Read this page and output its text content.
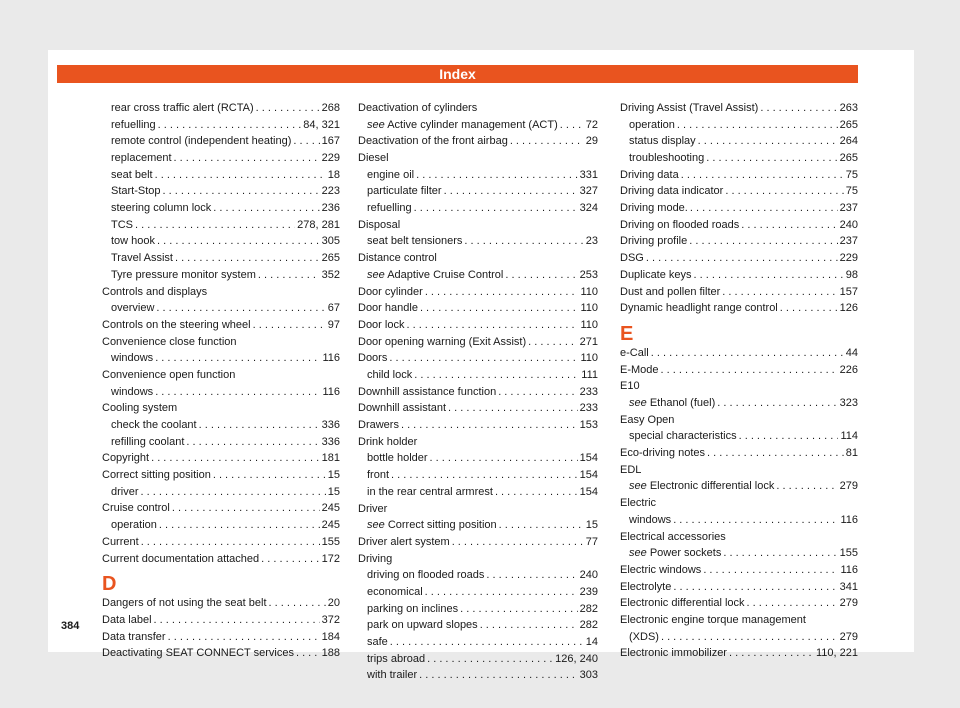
Index
rear cross traffic alert (RCTA) . . .	268
refuelling . . .	84, 321
remote control (independent heating) . . .	167
replacement . . .	229
seat belt . . .	18
Start-Stop . . .	223
steering column lock . . .	236
TCS . . .	278, 281
tow hook . . .	305
Travel Assist . . .	265
Tyre pressure monitor system . . .	352
Controls and displays
overview . . .	67
Controls on the steering wheel . . .	97
Convenience close function
windows . . .	116
Convenience open function
windows . . .	116
Cooling system
check the coolant . . .	336
refilling coolant . . .	336
Copyright . . .	181
Correct sitting position . . .	15
driver . . .	15
Cruise control . . .	245
operation . . .	245
Current . . .	155
Current documentation attached . . .	172
D
Dangers of not using the seat belt . . .	20
Data label . . .	372
Data transfer . . .	184
Deactivating SEAT CONNECT services . . .	188
Deactivation of cylinders
see Active cylinder management (ACT) . . .	72
Deactivation of the front airbag . . .	29
Diesel
engine oil . . .	331
particulate filter . . .	327
refuelling . . .	324
Disposal
seat belt tensioners . . .	23
Distance control
see Adaptive Cruise Control . . .	253
Door cylinder . . .	110
Door handle . . .	110
Door lock . . .	110
Door opening warning (Exit Assist) . . .	271
Doors . . .	110
child lock . . .	111
Downhill assistance function . . .	233
Downhill assistant . . .	233
Drawers . . .	153
Drink holder
bottle holder . . .	154
front . . .	154
in the rear central armrest . . .	154
Driver
see Correct sitting position . . .	15
Driver alert system . . .	77
Driving
driving on flooded roads . . .	240
economical . . .	239
parking on inclines . . .	282
park on upward slopes . . .	282
safe . . .	14
trips abroad . . .	126, 240
with trailer . . .	303
Driving Assist (Travel Assist) . . .	263
operation . . .	265
status display . . .	264
troubleshooting . . .	265
Driving data . . .	75
Driving data indicator . . .	75
Driving mode. . . .	237
Driving on flooded roads . . .	240
Driving profile . . .	237
DSG . . .	229
Duplicate keys . . .	98
Dust and pollen filter . . .	157
Dynamic headlight range control . . .	126
E
e-Call . . .	44
E-Mode . . .	226
E10
see Ethanol (fuel) . . .	323
Easy Open
special characteristics . . .	114
Eco-driving notes . . .	81
EDL
see Electronic differential lock . . .	279
Electric
windows . . .	116
Electrical accessories
see Power sockets . . .	155
Electric windows . . .	116
Electrolyte . . .	341
Electronic differential lock . . .	279
Electronic engine torque management
(XDS) . . .	279
Electronic immobilizer . . .	110, 221
384
